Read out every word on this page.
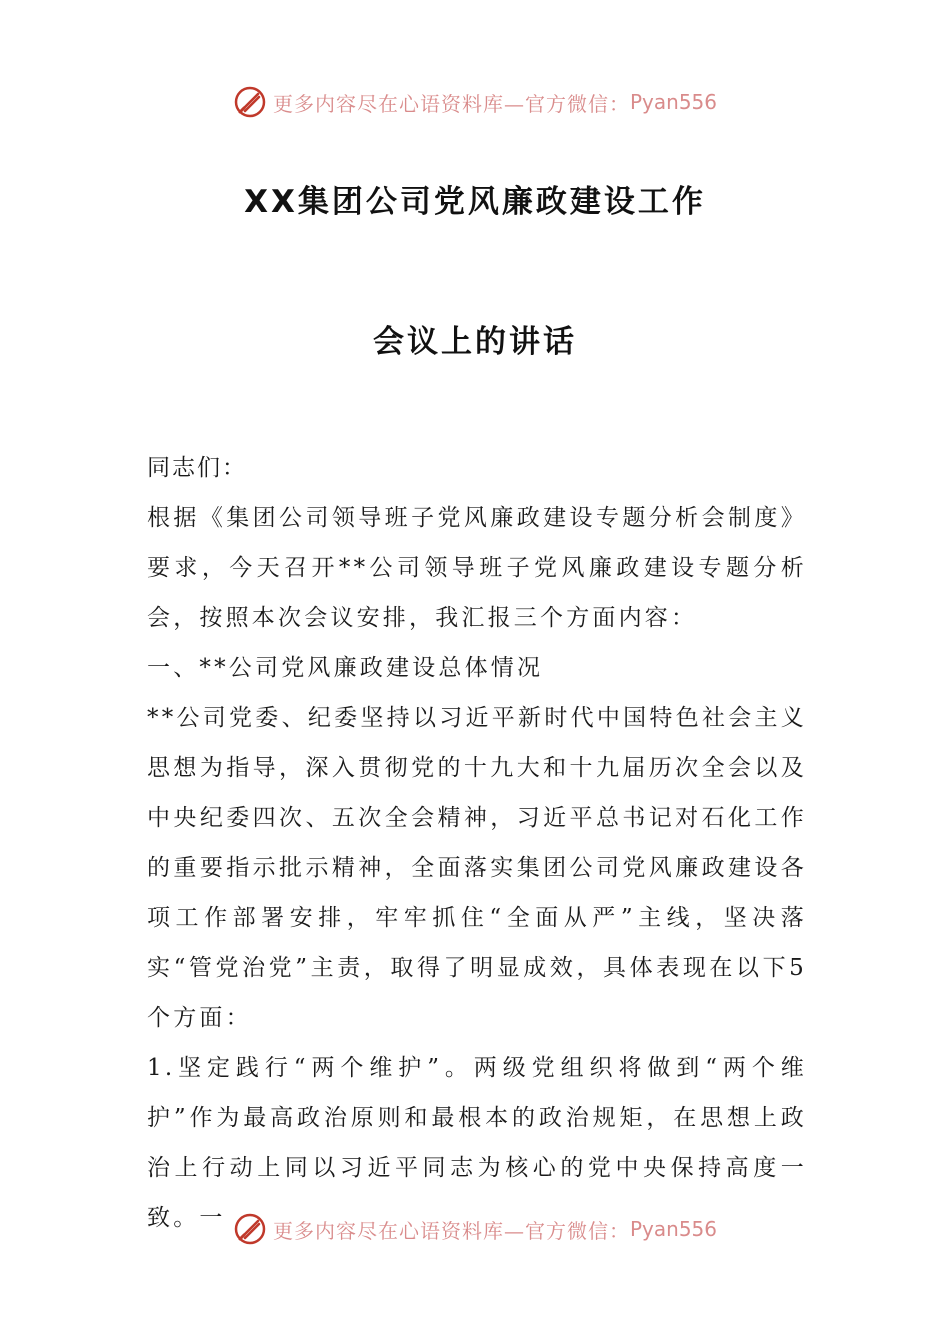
更多内容尽在心语资料库—官方微信： Pyan556
XX集团公司党风廉政建设工作
会议上的讲话

同志们：

根据《集团公司领导班子党风廉政建设专题分析会制度》要求，今天召开**公司领导班子党风廉政建设专题分析会，按照本次会议安排，我汇报三个方面内容：

一、**公司党风廉政建设总体情况

**公司党委、纪委坚持以习近平新时代中国特色社会主义思想为指导，深入贯彻党的十九大和十九届历次全会以及中央纪委四次、五次全会精神，习近平总书记对石化工作的重要指示批示精神，全面落实集团公司党风廉政建设各项工作部署安排，牢牢抓住“全面从严”主线，坚决落实“管党治党”主责，取得了明显成效，具体表现在以下5个方面：

1.坚定践行“两个维护”。两级党组织将做到“两个维护”作为最高政治原则和最根本的政治规矩，在思想上政治上行动上同以习近平同志为核心的党中央保持高度一致。一	更多内容尽在心语资料库—官方微信： Pyan556
